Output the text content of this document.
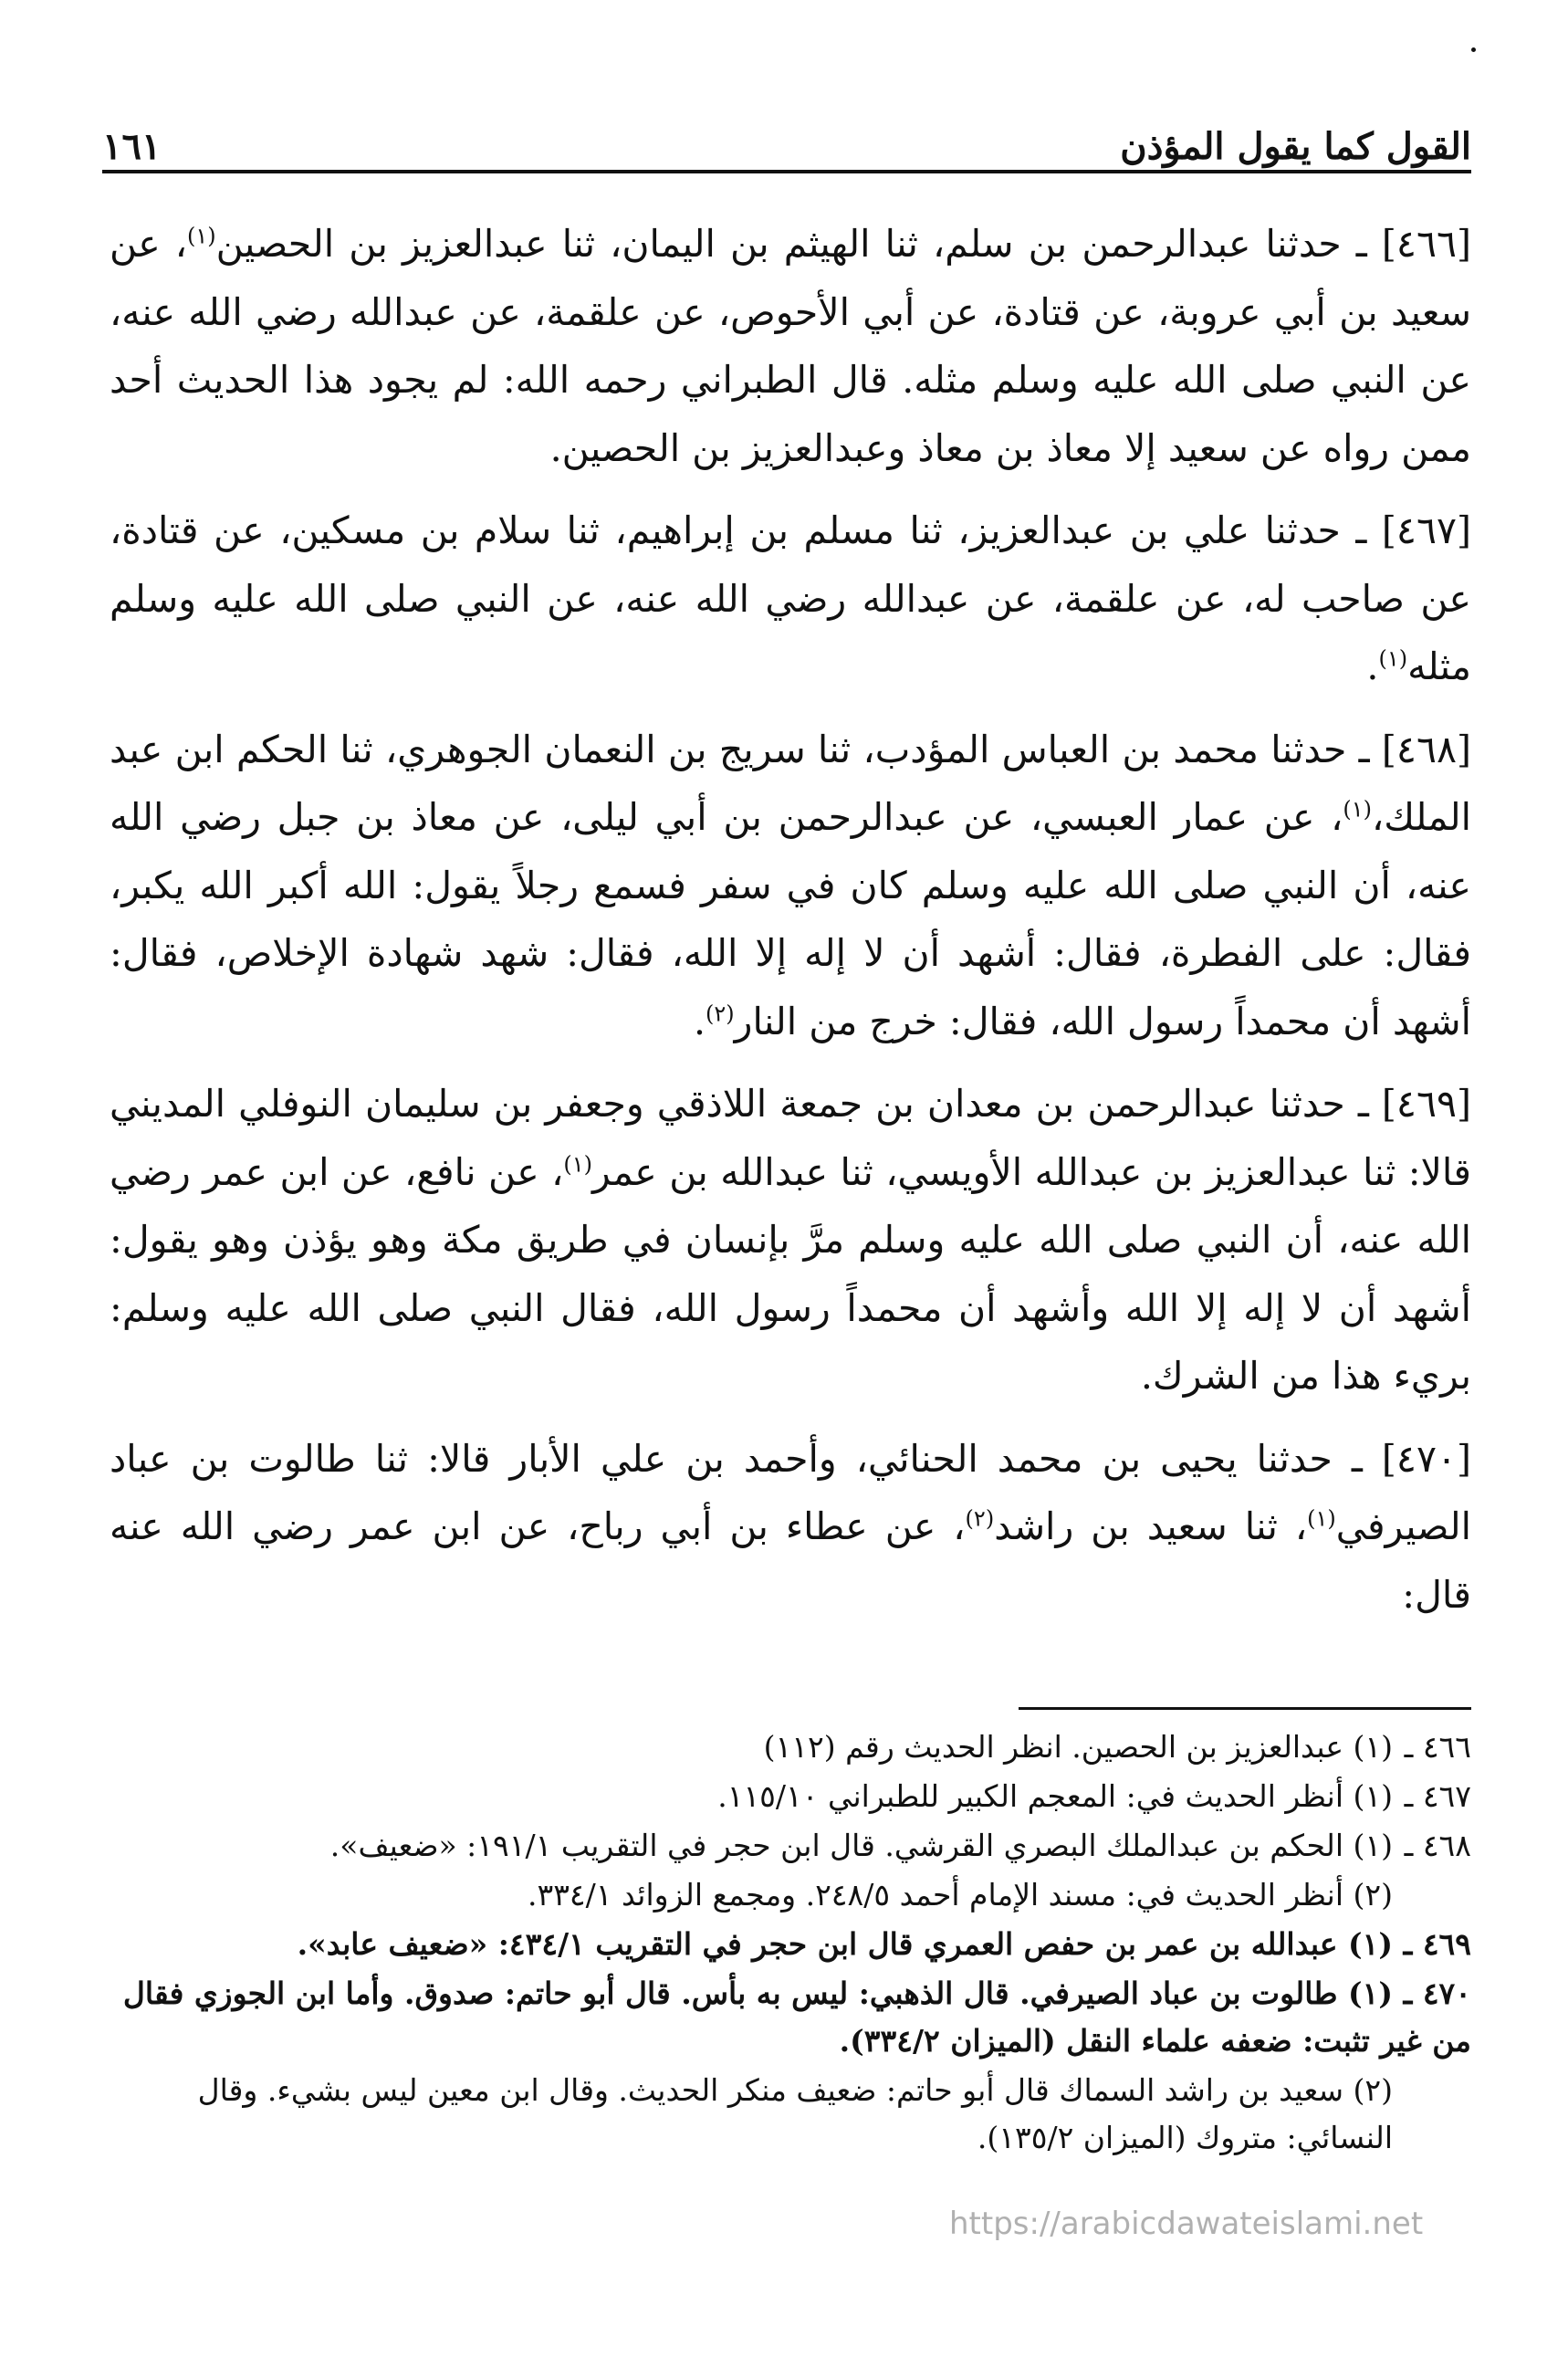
القول كما يقول المؤذن
١٦١

[٤٦٦] ـ حدثنا عبدالرحمن بن سلم، ثنا الهيثم بن اليمان، ثنا عبدالعزيز بن الحصين$^{(١)}$، عن سعيد بن أبي عروبة، عن قتادة، عن أبي الأحوص، عن علقمة، عن عبدالله رضي الله عنه، عن النبي صلى الله عليه وسلم مثله. قال الطبراني رحمه الله: لم يجود هذا الحديث أحد ممن رواه عن سعيد إلا معاذ بن معاذ وعبدالعزيز بن الحصين.

[٤٦٧] ـ حدثنا علي بن عبدالعزيز، ثنا مسلم بن إبراهيم، ثنا سلام بن مسكين، عن قتادة، عن صاحب له، عن علقمة، عن عبدالله رضي الله عنه، عن النبي صلى الله عليه وسلم مثله$^{(١)}$.

[٤٦٨] ـ حدثنا محمد بن العباس المؤدب، ثنا سريج بن النعمان الجوهري، ثنا الحكم ابن عبد الملك،$^{(١)}$، عن عمار العبسي، عن عبدالرحمن بن أبي ليلى، عن معاذ بن جبل رضي الله عنه، أن النبي صلى الله عليه وسلم كان في سفر فسمع رجلاً يقول: الله أكبر الله يكبر، فقال: على الفطرة، فقال: أشهد أن لا إله إلا الله، فقال: شهد شهادة الإخلاص، فقال: أشهد أن محمداً رسول الله، فقال: خرج من النار$^{(٢)}$.

[٤٦٩] ـ حدثنا عبدالرحمن بن معدان بن جمعة اللاذقي وجعفر بن سليمان النوفلي المديني قالا: ثنا عبدالعزيز بن عبدالله الأويسي، ثنا عبدالله بن عمر$^{(١)}$، عن نافع، عن ابن عمر رضي الله عنه، أن النبي صلى الله عليه وسلم مرَّ بإنسان في طريق مكة وهو يؤذن وهو يقول: أشهد أن لا إله إلا الله وأشهد أن محمداً رسول الله، فقال النبي صلى الله عليه وسلم: بريء هذا من الشرك.

[٤٧٠] ـ حدثنا يحيى بن محمد الحنائي، وأحمد بن علي الأبار قالا: ثنا طالوت بن عباد الصيرفي$^{(١)}$، ثنا سعيد بن راشد$^{(٢)}$، عن عطاء بن أبي رباح، عن ابن عمر رضي الله عنه قال:

٤٦٦ ـ(١) عبدالعزيز بن الحصين. انظر الحديث رقم (١١٢)
٤٦٧ ـ(١) أنظر الحديث في: المعجم الكبير للطبراني ١١٥/١٠.
٤٦٨ ـ(١) الحكم بن عبدالملك البصري القرشي. قال ابن حجر في التقريب ١٩١/١: «ضعيف».
(٢) أنظر الحديث في: مسند الإمام أحمد ٢٤٨/٥. ومجمع الزوائد ٣٣٤/١.
٤٦٩ ـ(١) عبدالله بن عمر بن حفص العمري قال ابن حجر في التقريب ٤٣٤/١: «ضعيف عابد».
٤٧٠ ـ(١) طالوت بن عباد الصيرفي. قال الذهبي: ليس به بأس. قال أبو حاتم: صدوق. وأما ابن الجوزي فقال من غير تثبت: ضعفه علماء النقل (الميزان ٣٣٤/٢).
(٢) سعيد بن راشد السماك قال أبو حاتم: ضعيف منكر الحديث. وقال ابن معين ليس بشيء. وقال النسائي: متروك (الميزان ١٣٥/٢).
https://arabicdawateislami.net
